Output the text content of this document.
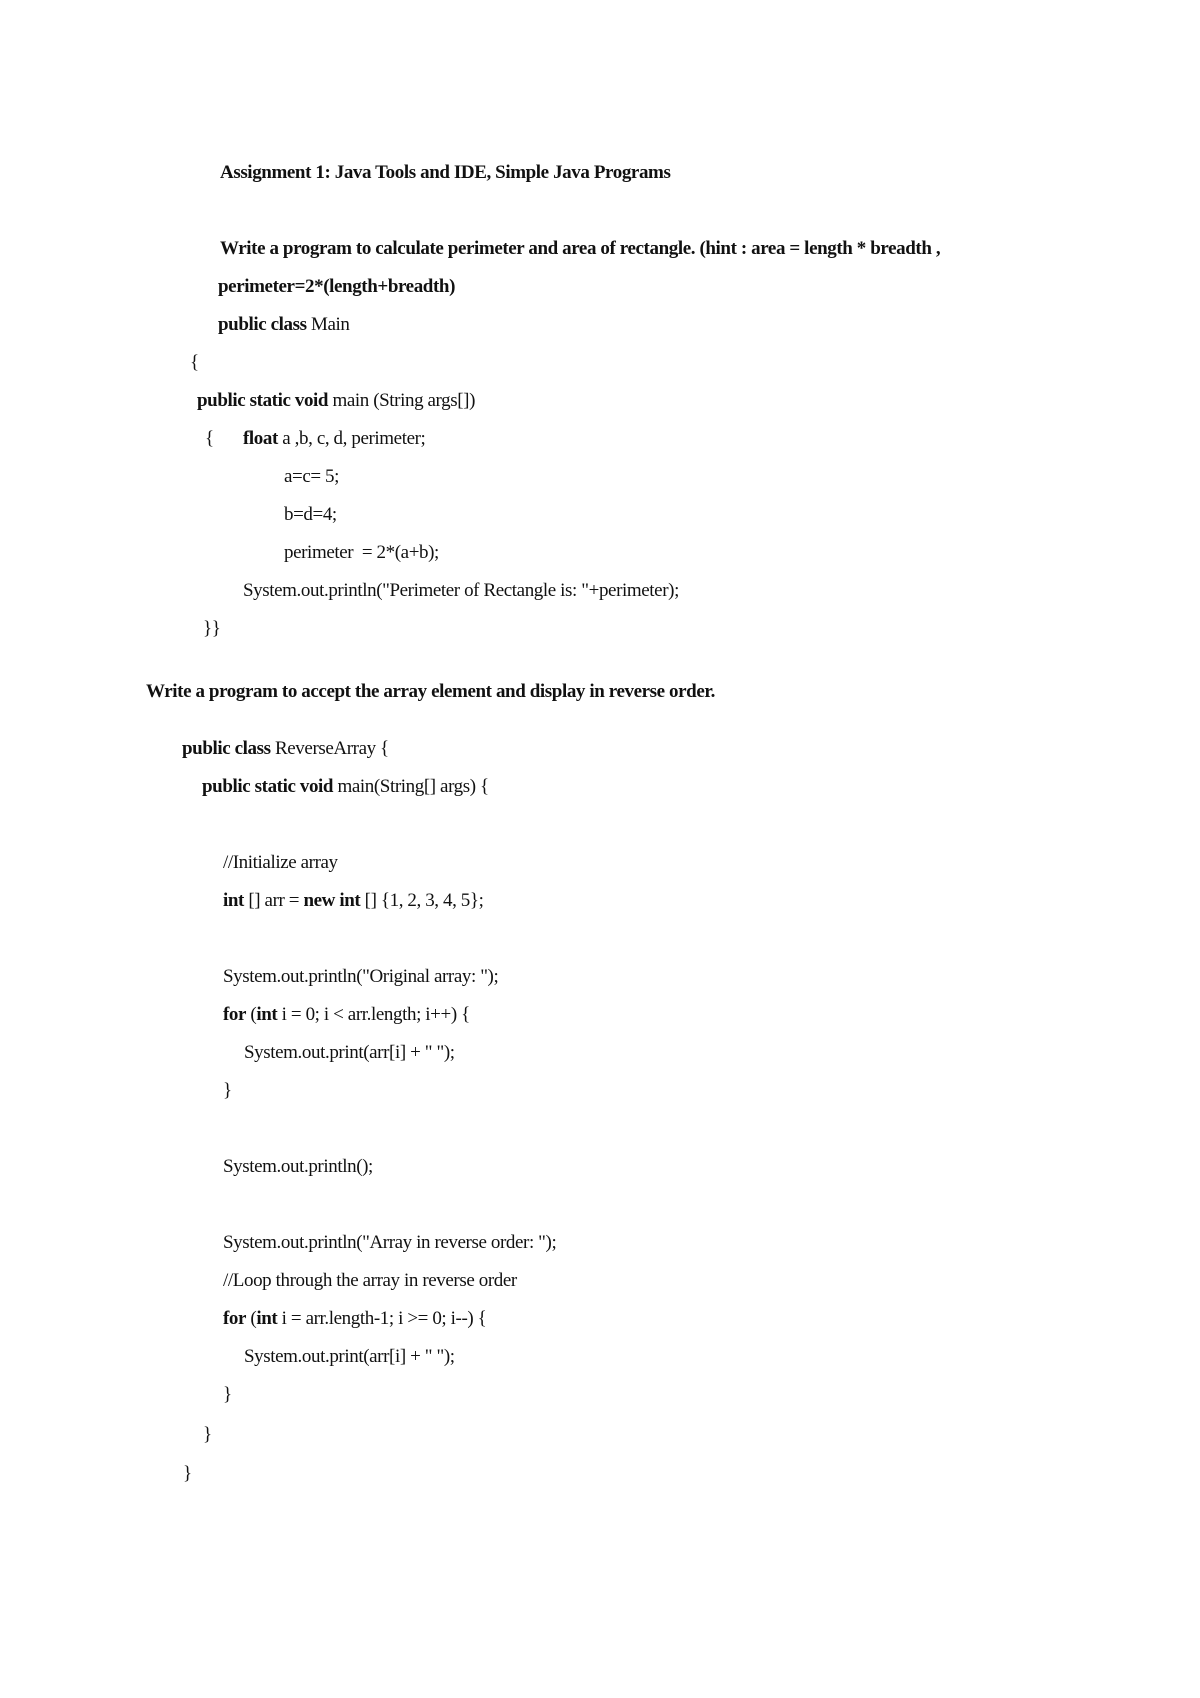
Assignment 1: Java Tools and IDE, Simple Java Programs
Write a program to calculate perimeter and area of rectangle. (hint : area = length * breadth ,
perimeter=2*(length+breadth)
public class Main
{
public static void main (String args[])
{ float a ,b, c, d, perimeter;
a=c= 5;
b=d=4;
perimeter  = 2*(a+b);
System.out.println("Perimeter of Rectangle is: "+perimeter);
}}
Write a program to accept the array element and display in reverse order.
public class ReverseArray {
public static void main(String[] args) {
//Initialize array
int [] arr = new int [] {1, 2, 3, 4, 5};
System.out.println("Original array: ");
for (int i = 0; i < arr.length; i++) {
System.out.print(arr[i] + " ");
}
System.out.println();
System.out.println("Array in reverse order: ");
//Loop through the array in reverse order
for (int i = arr.length-1; i >= 0; i--) {
System.out.print(arr[i] + " ");
}
}
}
